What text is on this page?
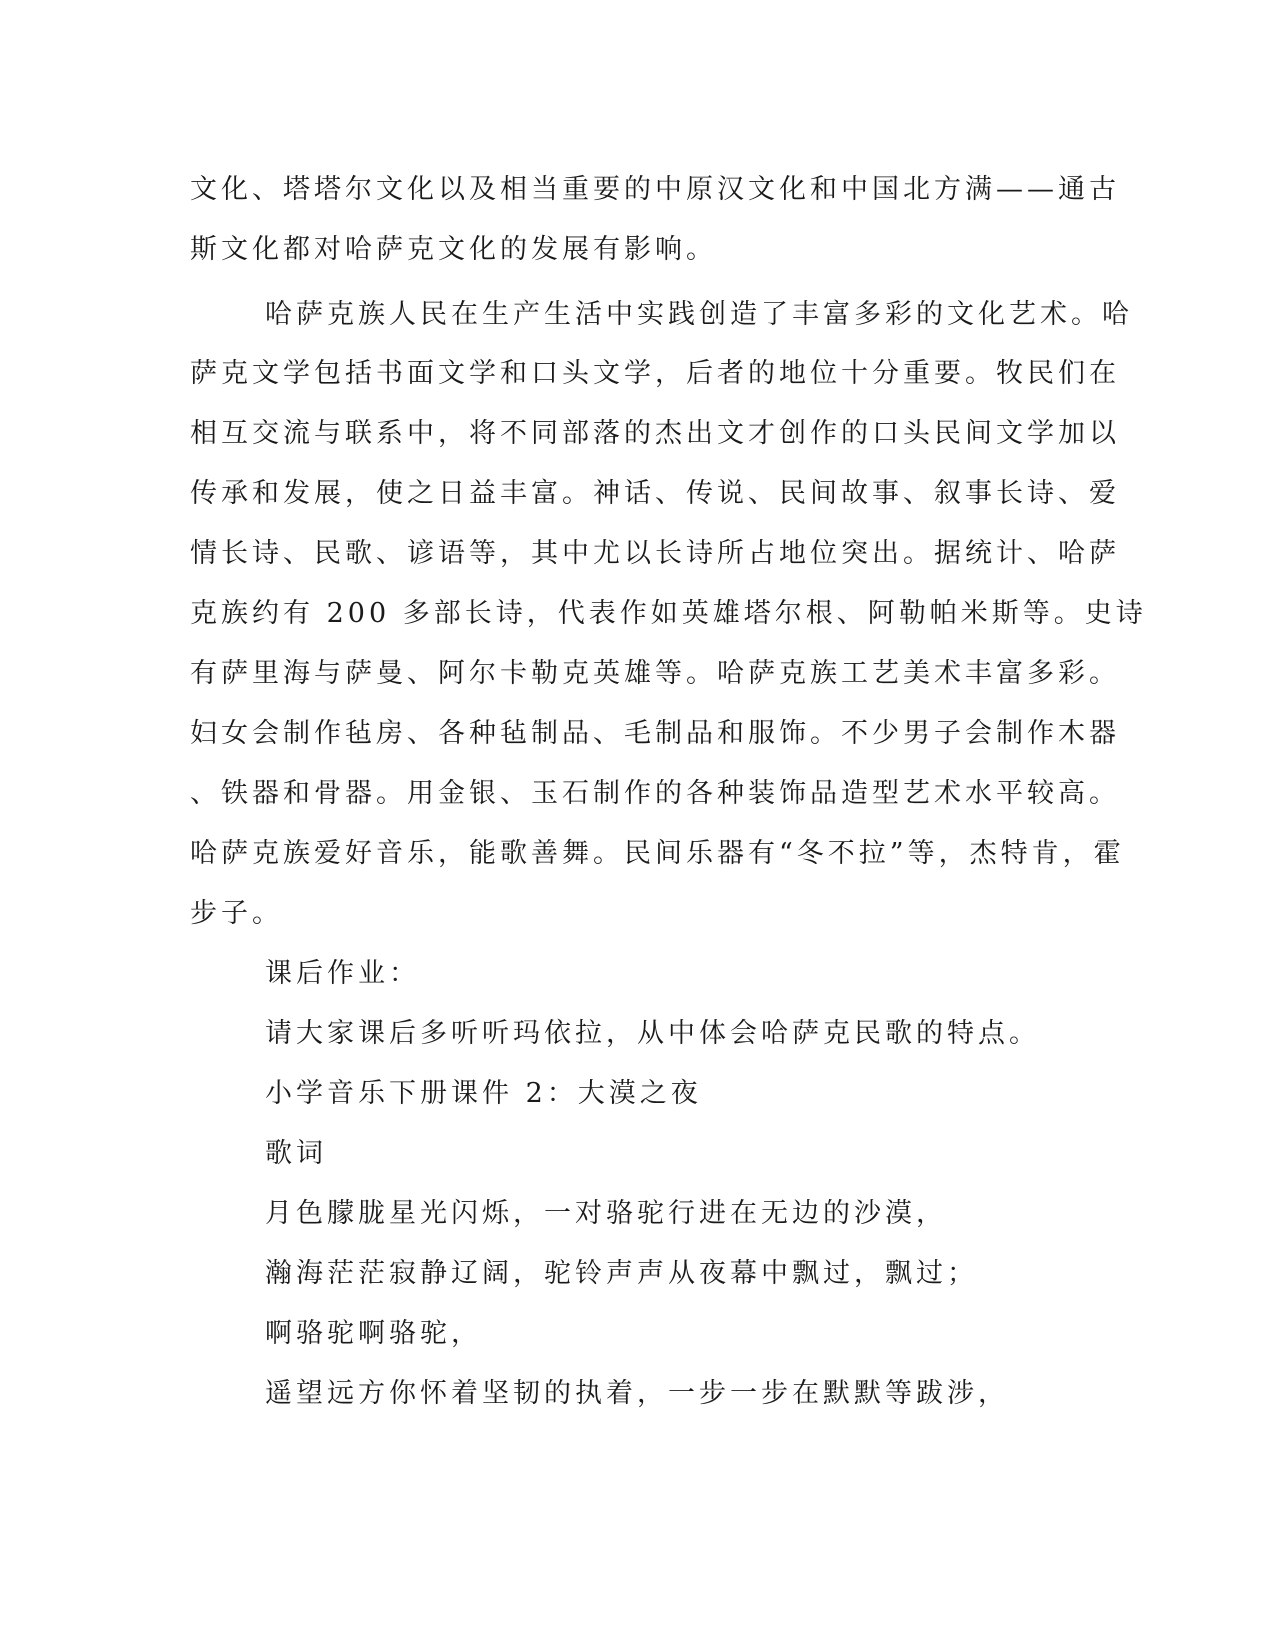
文化、塔塔尔文化以及相当重要的中原汉文化和中国北方满——通古
斯文化都对哈萨克文化的发展有影响。
哈萨克族人民在生产生活中实践创造了丰富多彩的文化艺术。哈
萨克文学包括书面文学和口头文学，后者的地位十分重要。牧民们在
相互交流与联系中，将不同部落的杰出文才创作的口头民间文学加以
传承和发展，使之日益丰富。神话、传说、民间故事、叙事长诗、爱
情长诗、民歌、谚语等，其中尤以长诗所占地位突出。据统计、哈萨
克族约有 200 多部长诗，代表作如英雄塔尔根、阿勒帕米斯等。史诗
有萨里海与萨曼、阿尔卡勒克英雄等。哈萨克族工艺美术丰富多彩。
妇女会制作毡房、各种毡制品、毛制品和服饰。不少男子会制作木器
、铁器和骨器。用金银、玉石制作的各种装饰品造型艺术水平较高。
哈萨克族爱好音乐，能歌善舞。民间乐器有“冬不拉”等，杰特肯，霍
步子。
课后作业：
请大家课后多听听玛依拉，从中体会哈萨克民歌的特点。
小学音乐下册课件 2：大漠之夜
歌词
月色朦胧星光闪烁，一对骆驼行进在无边的沙漠，
瀚海茫茫寂静辽阔，驼铃声声从夜幕中飘过，飘过；
啊骆驼啊骆驼，
遥望远方你怀着坚韧的执着，一步一步在默默等跋涉，
